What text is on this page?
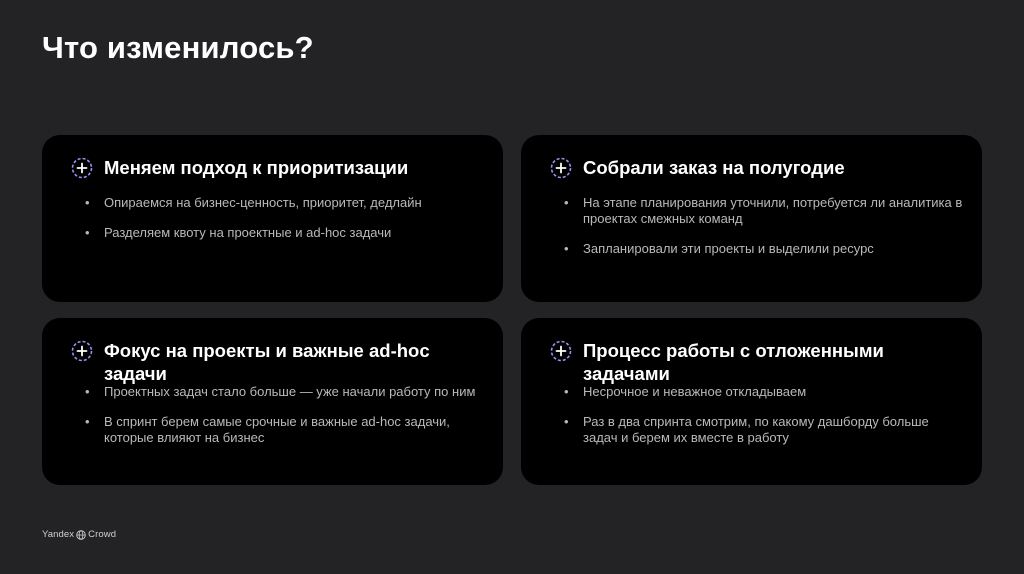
Что изменилось?
Меняем подход к приоритизации
• Опираемся на бизнес-ценность, приоритет, дедлайн
• Разделяем квоту на проектные и ad-hoc задачи
Собрали заказ на полугодие
• На этапе планирования уточнили, потребуется ли аналитика в проектах смежных команд
• Запланировали эти проекты и выделили ресурс
Фокус на проекты и важные ad-hoc задачи
• Проектных задач стало больше — уже начали работу по ним
• В спринт берем самые срочные и важные ad-hoc задачи, которые влияют на бизнес
Процесс работы с отложенными задачами
• Несрочное и неважное откладываем
• Раз в два спринта смотрим, по какому дашборду больше задач и берем их вместе в работу
Yandex Crowd
